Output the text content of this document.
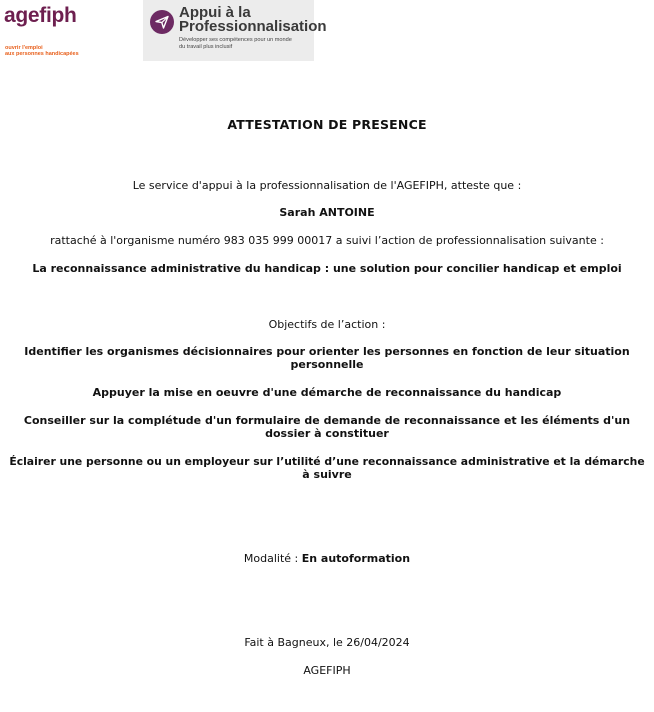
agefiph
ouvrir l'emploi
aux personnes handicapées
Appui à la
Professionnalisation
Développer ses compétences pour un monde
du travail plus inclusif
ATTESTATION DE PRESENCE
Le service d'appui à la professionnalisation de l'AGEFIPH, atteste que :
Sarah ANTOINE
rattaché à l'organisme numéro 983 035 999 00017 a suivi l’action de professionnalisation suivante :
La reconnaissance administrative du handicap : une solution pour concilier handicap et emploi
Objectifs de l’action :
Identifier les organismes décisionnaires pour orienter les personnes en fonction de leur situation
personnelle
Appuyer la mise en oeuvre d'une démarche de reconnaissance du handicap
Conseiller sur la complétude d'un formulaire de demande de reconnaissance et les éléments d'un
dossier à constituer
Éclairer une personne ou un employeur sur l’utilité d’une reconnaissance administrative et la démarche
à suivre
Modalité : En autoformation
Fait à Bagneux, le 26/04/2024
AGEFIPH
